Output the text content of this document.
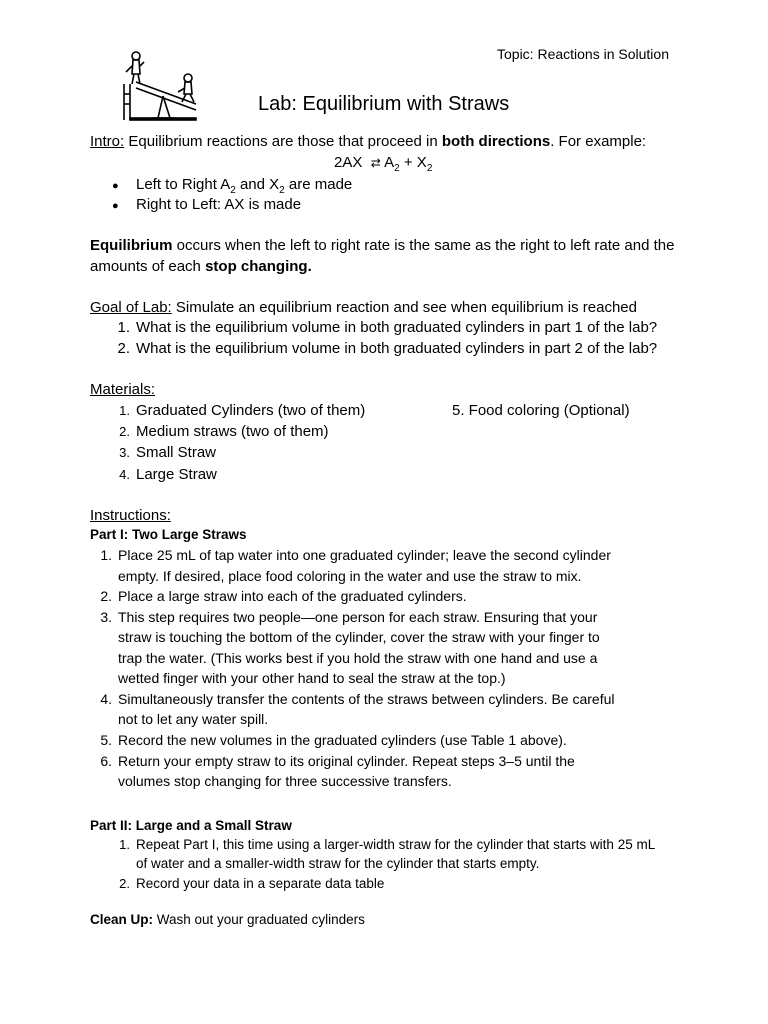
Topic: Reactions in Solution
Lab: Equilibrium with Straws
Intro: Equilibrium reactions are those that proceed in both directions. For example:
2AX ⇄ $A_2 + X_2$
● Left to Right $A_2$ and $X_2$ are made
● Right to Left: AX is made
Equilibrium occurs when the left to right rate is the same as the right to left rate and the
amounts of each stop changing.
Goal of Lab: Simulate an equilibrium reaction and see when equilibrium is reached
1. What is the equilibrium volume in both graduated cylinders in part 1 of the lab?
2. What is the equilibrium volume in both graduated cylinders in part 2 of the lab?
Materials:
1. Graduated Cylinders (two of them)	5. Food coloring (Optional)
2. Medium straws (two of them)
3. Small Straw
4. Large Straw
Instructions:
Part I: Two Large Straws
1. Place 25 mL of tap water into one graduated cylinder; leave the second cylinder
empty. If desired, place food coloring in the water and use the straw to mix.
2. Place a large straw into each of the graduated cylinders.
3. This step requires two people—one person for each straw. Ensuring that your
straw is touching the bottom of the cylinder, cover the straw with your finger to
trap the water. (This works best if you hold the straw with one hand and use a
wetted finger with your other hand to seal the straw at the top.)
4. Simultaneously transfer the contents of the straws between cylinders. Be careful
not to let any water spill.
5. Record the new volumes in the graduated cylinders (use Table 1 above).
6. Return your empty straw to its original cylinder. Repeat steps 3–5 until the
volumes stop changing for three successive transfers.
Part II: Large and a Small Straw
1. Repeat Part I, this time using a larger-width straw for the cylinder that starts with 25 mL
of water and a smaller-width straw for the cylinder that starts empty.
2. Record your data in a separate data table
Clean Up: Wash out your graduated cylinders
